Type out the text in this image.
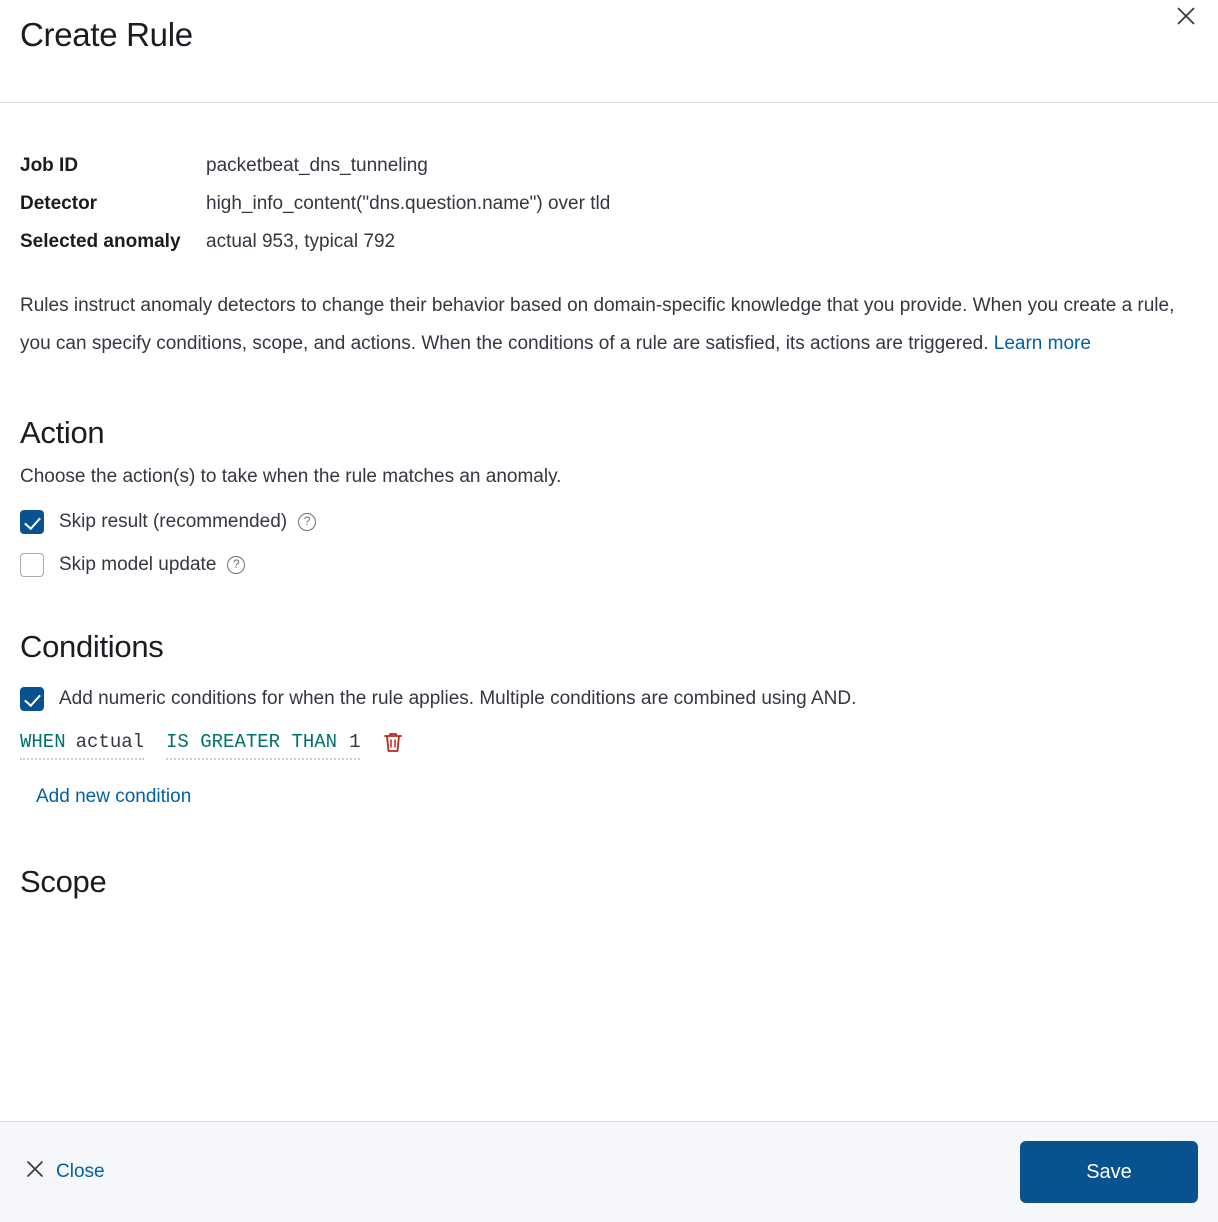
Create Rule
Job ID	packetbeat_dns_tunneling
Detector	high_info_content("dns.question.name") over tld
Selected anomaly	actual 953, typical 792

Rules instruct anomaly detectors to change their behavior based on domain-specific knowledge that you provide. When you create a rule, you can specify conditions, scope, and actions. When the conditions of a rule are satisfied, its actions are triggered. Learn more

Action
Choose the action(s) to take when the rule matches an anomaly.
Skip result (recommended)	?
Skip model update	?
Conditions
Add numeric conditions for when the rule applies. Multiple conditions are combined using AND.
WHEN actual IS GREATER THAN 1
Add new condition
Scope
Close	Save
